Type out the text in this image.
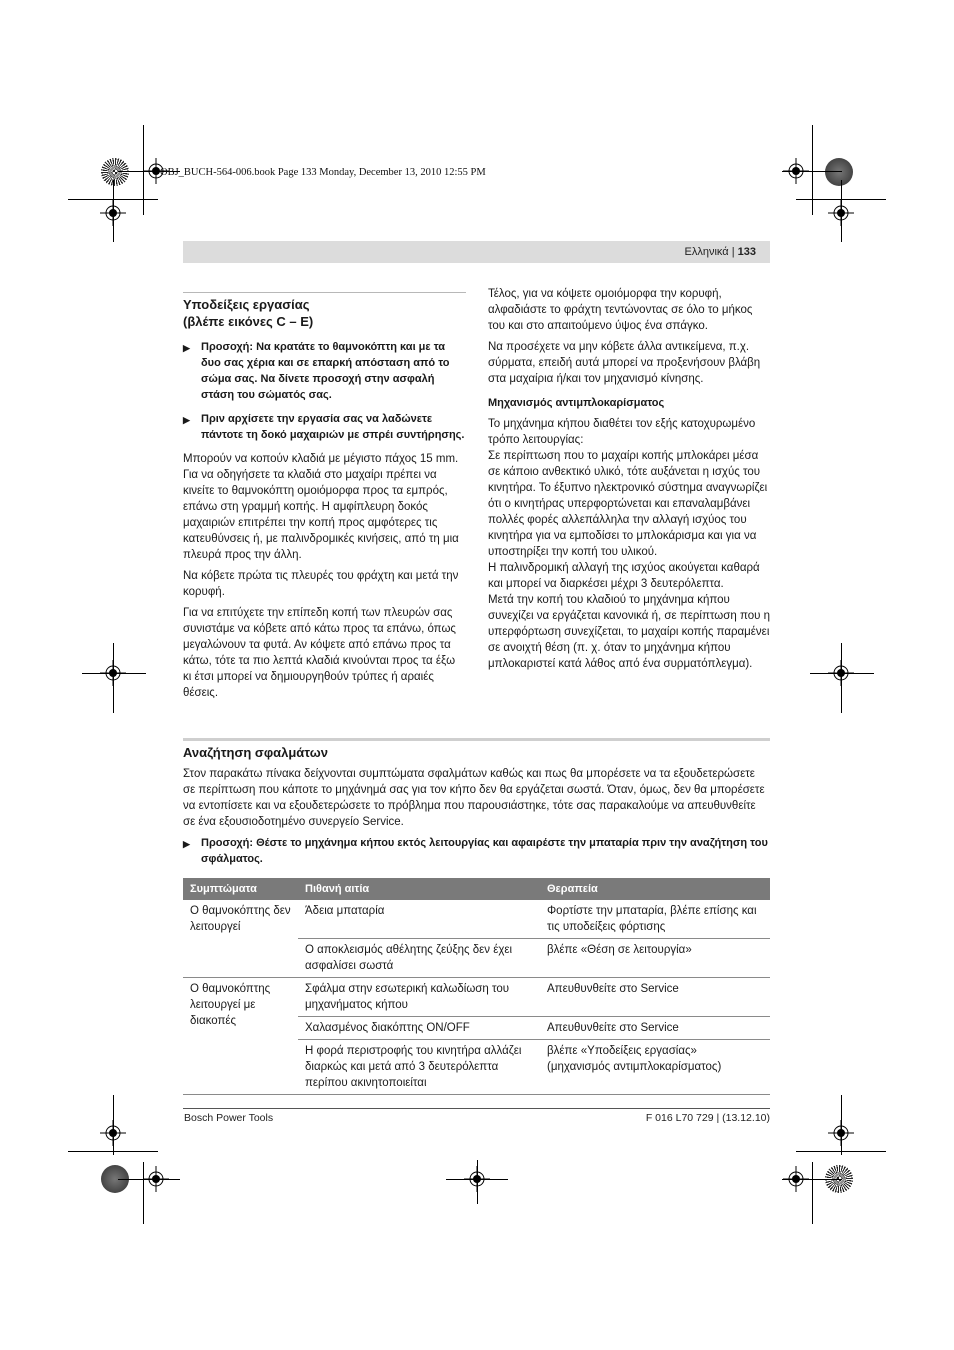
OBJ_BUCH-564-006.book Page 133 Monday, December 13, 2010 12:55 PM
Ελληνικά | 133
Υποδείξεις εργασίας
(βλέπε εικόνες C – E)
▶	Προσοχή: Να κρατάτε το θαμνοκόπτη και με τα δυο σας χέρια και σε επαρκή απόσταση από το σώμα σας. Να δίνετε προσοχή στην ασφαλή στάση του σώματός σας.
▶	Πριν αρχίσετε την εργασία σας να λαδώνετε πάντοτε τη δοκό μαχαιριών με σπρέι συντήρησης.

Μπορούν να κοπούν κλαδιά με μέγιστο πάχος 15 mm. Για να οδηγήσετε τα κλαδιά στο μαχαίρι πρέπει να κινείτε το θαμνοκόπτη ομοιόμορφα προς τα εμπρός, επάνω στη γραμμή κοπής. Η αμφίπλευρη δοκός μαχαιριών επιτρέπει την κοπή προς αμφότερες τις κατευθύνσεις ή, με παλινδρομικές κινήσεις, από τη μια πλευρά προς την άλλη.

Να κόβετε πρώτα τις πλευρές του φράχτη και μετά την κορυφή.

Για να επιτύχετε την επίπεδη κοπή των πλευρών σας συνιστάμε να κόβετε από κάτω προς τα επάνω, όπως μεγαλώνουν τα φυτά. Αν κόψετε από επάνω προς τα κάτω, τότε τα πιο λεπτά κλαδιά κινούνται προς τα έξω κι έτσι μπορεί να δημιουργηθούν τρύπες ή αραιές θέσεις.

Τέλος, για να κόψετε ομοιόμορφα την κορυφή, αλφαδιάστε το φράχτη τεντώνοντας σε όλο το μήκος του και στο απαιτούμενο ύψος ένα σπάγκο.

Να προσέχετε να μην κόβετε άλλα αντικείμενα, π.χ. σύρματα, επειδή αυτά μπορεί να προξενήσουν βλάβη στα μαχαίρια ή/και τον μηχανισμό κίνησης.

Μηχανισμός αντιμπλοκαρίσματος
Το μηχάνημα κήπου διαθέτει τον εξής κατοχυρωμένο τρόπο λειτουργίας:
Σε περίπτωση που το μαχαίρι κοπής μπλοκάρει μέσα σε κάποιο ανθεκτικό υλικό, τότε αυξάνεται η ισχύς του κινητήρα. Το έξυπνο ηλεκτρονικό σύστημα αναγνωρίζει ότι ο κινητήρας υπερφορτώνεται και επαναλαμβάνει πολλές φορές αλλεπάλληλα την αλλαγή ισχύος του κινητήρα για να εμποδίσει το μπλοκάρισμα και για να υποστηρίξει την κοπή του υλικού.
Η παλινδρομική αλλαγή της ισχύος ακούγεται καθαρά και μπορεί να διαρκέσει μέχρι 3 δευτερόλεπτα.
Μετά την κοπή του κλαδιού το μηχάνημα κήπου συνεχίζει να εργάζεται κανονικά ή, σε περίπτωση που η υπερφόρτωση συνεχίζεται, το μαχαίρι κοπής παραμένει σε ανοιχτή θέση (π. χ. όταν το μηχάνημα κήπου μπλοκαριστεί κατά λάθος από ένα συρματόπλεγμα).
Αναζήτηση σφαλμάτων

Στον παρακάτω πίνακα δείχνονται συμπτώματα σφαλμάτων καθώς και πως θα μπορέσετε να τα εξουδετερώσετε σε περίπτωση που κάποτε το μηχάνημά σας για τον κήπο δεν θα εργάζεται σωστά. Όταν, όμως, δεν θα μπορέσετε να εντοπίσετε και να εξουδετερώσετε το πρόβλημα που παρουσιάστηκε, τότε σας παρακαλούμε να απευθυνθείτε σε ένα εξουσιοδοτημένο συνεργείο Service.

▶	Προσοχή: Θέστε το μηχάνημα κήπου εκτός λειτουργίας και αφαιρέστε την μπαταρία πριν την αναζήτηση του σφάλματος.
Συμπτώματα	Πιθανή αιτία	Θεραπεία
Ο θαμνοκόπτης δεν λειτουργεί	Άδεια μπαταρία	Φορτίστε την μπαταρία, βλέπε επίσης και τις υποδείξεις φόρτισης
	Ο αποκλεισμός αθέλητης ζεύξης δεν έχει ασφαλίσει σωστά	βλέπε «Θέση σε λειτουργία»
Ο θαμνοκόπτης λειτουργεί με διακοπές	Σφάλμα στην εσωτερική καλωδίωση του μηχανήματος κήπου	Απευθυνθείτε στο Service
	Χαλασμένος διακόπτης ON/OFF	Απευθυνθείτε στο Service
	Η φορά περιστροφής του κινητήρα αλλάζει διαρκώς και μετά από 3 δευτερόλεπτα περίπου ακινητοποιείται	βλέπε «Υποδείξεις εργασίας» (μηχανισμός αντιμπλοκαρίσματος)
Bosch Power Tools	F 016 L70 729 | (13.12.10)
